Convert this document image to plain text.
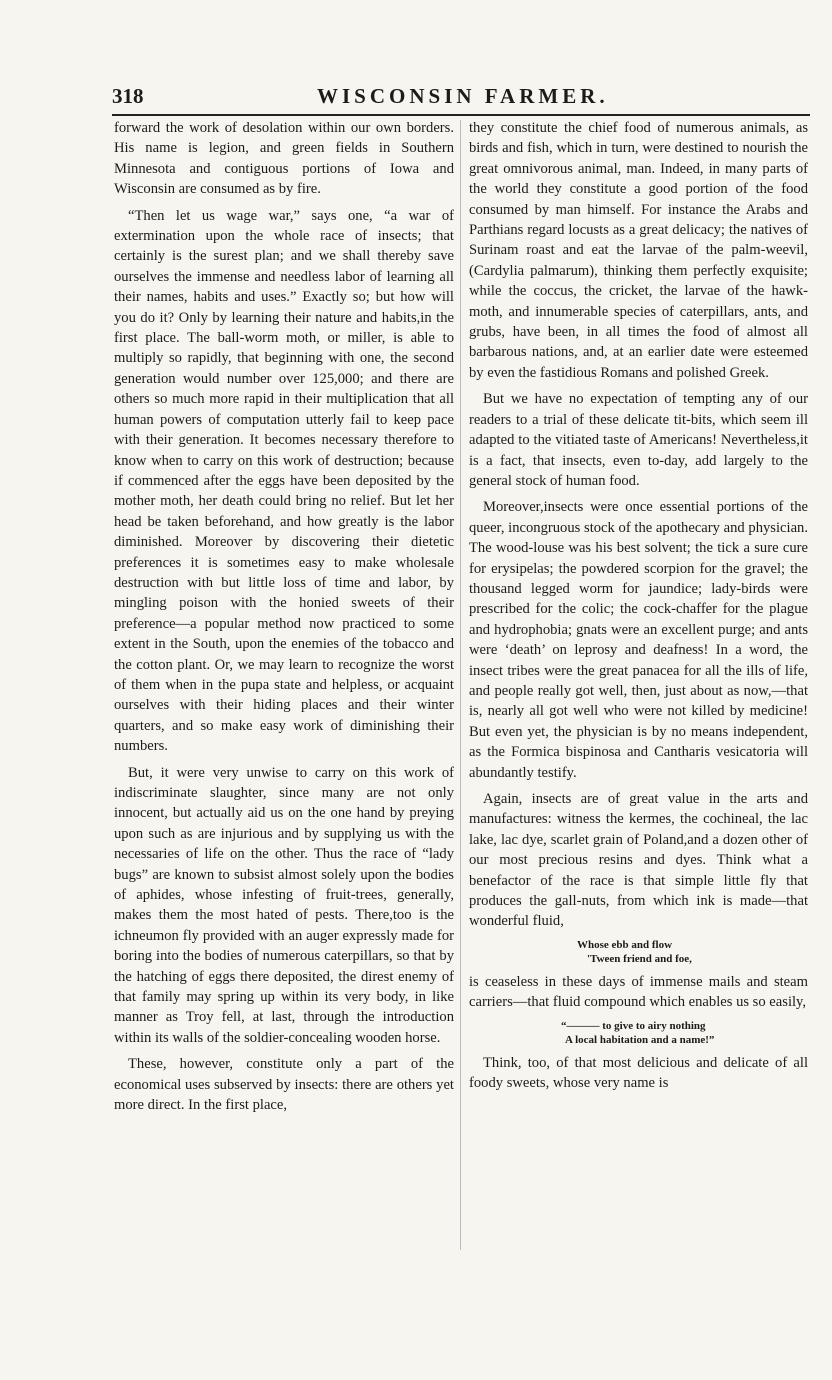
318	WISCONSIN FARMER.

forward the work of desolation within our own borders. His name is legion, and green fields in Southern Minnesota and contiguous portions of Iowa and Wisconsin are consumed as by fire.

“Then let us wage war,” says one, “a war of extermination upon the whole race of insects; that certainly is the surest plan; and we shall thereby save ourselves the immense and needless labor of learning all their names, habits and uses.” Exactly so; but how will you do it? Only by learning their nature and habits,in the first place. The ball-worm moth, or miller, is able to multiply so rapidly, that beginning with one, the second generation would number over 125,000; and there are others so much more rapid in their multiplication that all human powers of computation utterly fail to keep pace with their generation. It becomes necessary therefore to know when to carry on this work of destruction; because if commenced after the eggs have been deposited by the mother moth, her death could bring no relief. But let her head be taken beforehand, and how greatly is the labor diminished. Moreover by discovering their dietetic preferences it is sometimes easy to make wholesale destruction with but little loss of time and labor, by mingling poison with the honied sweets of their preference—a popular method now practiced to some extent in the South, upon the enemies of the tobacco and the cotton plant. Or, we may learn to recognize the worst of them when in the pupa state and helpless, or acquaint ourselves with their hiding places and their winter quarters, and so make easy work of diminishing their numbers.

But, it were very unwise to carry on this work of indiscriminate slaughter, since many are not only innocent, but actually aid us on the one hand by preying upon such as are injurious and by supplying us with the necessaries of life on the other. Thus the race of “lady bugs” are known to subsist almost solely upon the bodies of aphides, whose infesting of fruit-trees, generally, makes them the most hated of pests. There,too is the ichneumon fly provided with an auger expressly made for boring into the bodies of numerous caterpillars, so that by the hatching of eggs there deposited, the direst enemy of that family may spring up within its very body, in like manner as Troy fell, at last, through the introduction within its walls of the soldier-concealing wooden horse.

These, however, constitute only a part of the economical uses subserved by insects: there are others yet more direct. In the first place,

they constitute the chief food of numerous animals, as birds and fish, which in turn, were destined to nourish the great omnivorous animal, man. Indeed, in many parts of the world they constitute a good portion of the food consumed by man himself. For instance the Arabs and Parthians regard locusts as a great delicacy; the natives of Surinam roast and eat the larvae of the palm-weevil, (Cardylia palmarum), thinking them perfectly exquisite; while the coccus, the cricket, the larvae of the hawk-moth, and innumerable species of caterpillars, ants, and grubs, have been, in all times the food of almost all barbarous nations, and, at an earlier date were esteemed by even the fastidious Romans and polished Greek.

But we have no expectation of tempting any of our readers to a trial of these delicate tit-bits, which seem ill adapted to the vitiated taste of Americans! Nevertheless,it is a fact, that insects, even to-day, add largely to the general stock of human food.

Moreover,insects were once essential portions of the queer, incongruous stock of the apothecary and physician. The wood-louse was his best solvent; the tick a sure cure for erysipelas; the powdered scorpion for the gravel; the thousand legged worm for jaundice; lady-birds were prescribed for the colic; the cock-chaffer for the plague and hydrophobia; gnats were an excellent purge; and ants were ‘death’ on leprosy and deafness! In a word, the insect tribes were the great panacea for all the ills of life, and people really got well, then, just about as now,—that is, nearly all got well who were not killed by medicine! But even yet, the physician is by no means independent, as the Formica bispinosa and Cantharis vesicatoria will abundantly testify.

Again, insects are of great value in the arts and manufactures: witness the kermes, the cochineal, the lac lake, lac dye, scarlet grain of Poland,and a dozen other of our most precious resins and dyes. Think what a benefactor of the race is that simple little fly that produces the gall-nuts, from which ink is made—that wonderful fluid,

Whose ebb and flow
'Tween friend and foe,

is ceaseless in these days of immense mails and steam carriers—that fluid compound which enables us so easily,

“——— to give to airy nothing
A local habitation and a name!”

Think, too, of that most delicious and delicate of all foody sweets, whose very name is
